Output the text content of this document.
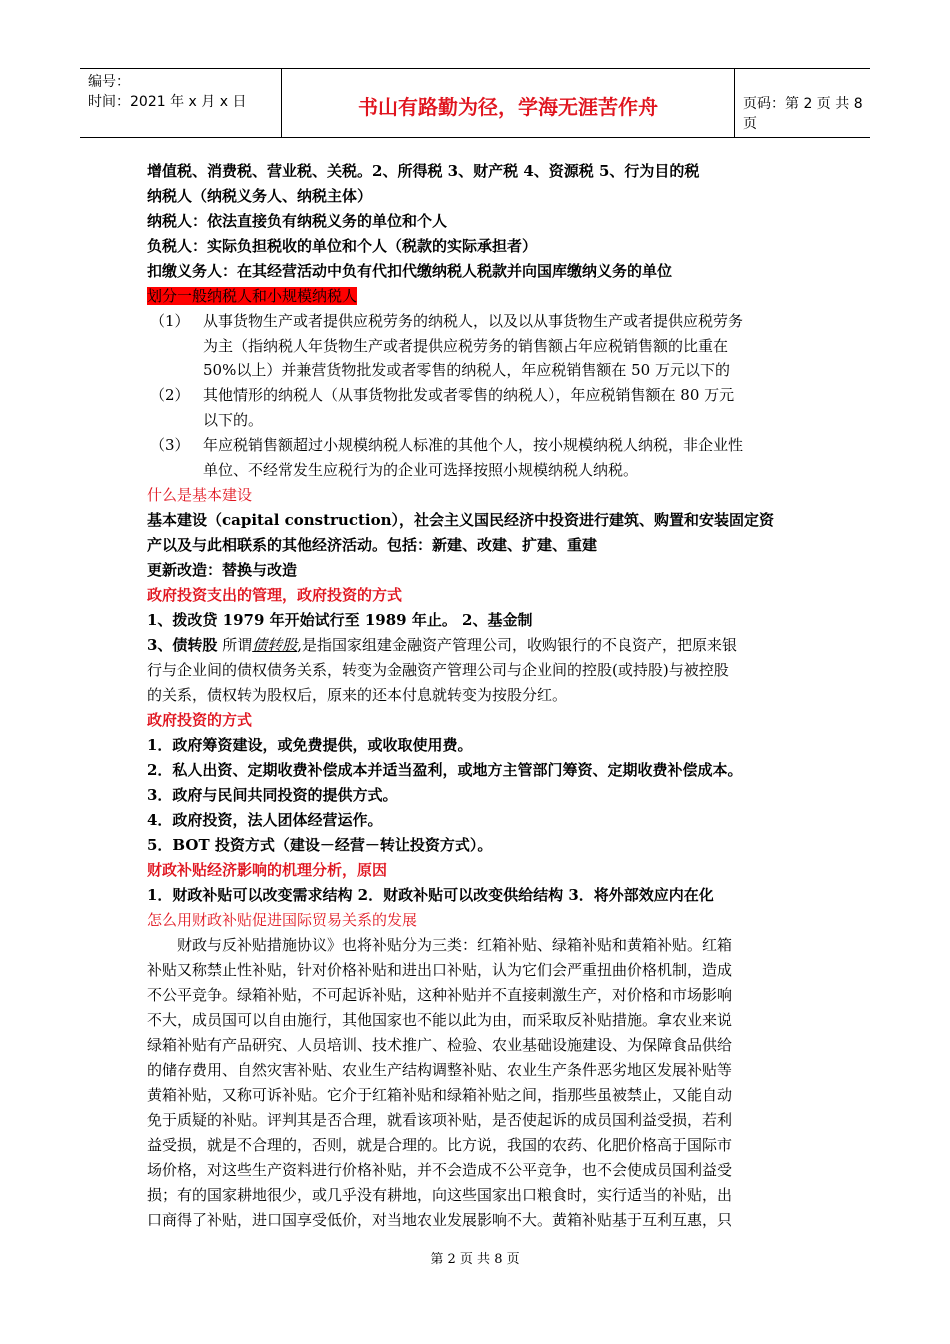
编号：
时间：2021 年 x 月 x 日	书山有路勤为径，学海无涯苦作舟	页码：第 2 页 共 8 页
增值税、消费税、营业税、关税。2、所得税 3、财产税 4、资源税 5、行为目的税
纳税人（纳税义务人、纳税主体）
纳税人：依法直接负有纳税义务的单位和个人
负税人：实际负担税收的单位和个人（税款的实际承担者）
扣缴义务人：在其经营活动中负有代扣代缴纳税人税款并向国库缴纳义务的单位
划分一般纳税人和小规模纳税人
（1） 从事货物生产或者提供应税劳务的纳税人，以及以从事货物生产或者提供应税劳务
为主（指纳税人年货物生产或者提供应税劳务的销售额占年应税销售额的比重在
50%以上）并兼营货物批发或者零售的纳税人，年应税销售额在 50 万元以下的
（2） 其他情形的纳税人（从事货物批发或者零售的纳税人），年应税销售额在 80 万元
以下的。
（3） 年应税销售额超过小规模纳税人标准的其他个人，按小规模纳税人纳税，非企业性
单位、不经常发生应税行为的企业可选择按照小规模纳税人纳税。
什么是基本建设
基本建设（capital construction），社会主义国民经济中投资进行建筑、购置和安装固定资
产以及与此相联系的其他经济活动。包括：新建、改建、扩建、重建
更新改造：替换与改造
政府投资支出的管理，政府投资的方式
1、拨改贷 1979 年开始试行至 1989 年止。 2、基金制
3、债转股 所谓债转股,是指国家组建金融资产管理公司，收购银行的不良资产，把原来银
行与企业间的债权债务关系，转变为金融资产管理公司与企业间的控股(或持股)与被控股
的关系，债权转为股权后，原来的还本付息就转变为按股分红。
政府投资的方式
1．政府筹资建设，或免费提供，或收取使用费。
2．私人出资、定期收费补偿成本并适当盈利，或地方主管部门筹资、定期收费补偿成本。
3．政府与民间共同投资的提供方式。
4．政府投资，法人团体经营运作。
5．BOT 投资方式（建设－经营－转让投资方式）。
财政补贴经济影响的机理分析，原因
1．财政补贴可以改变需求结构 2．财政补贴可以改变供给结构 3．将外部效应内在化
怎么用财政补贴促进国际贸易关系的发展
财政与反补贴措施协议》也将补贴分为三类：红箱补贴、绿箱补贴和黄箱补贴。红箱
补贴又称禁止性补贴，针对价格补贴和进出口补贴，认为它们会严重扭曲价格机制，造成
不公平竞争。绿箱补贴，不可起诉补贴，这种补贴并不直接刺激生产，对价格和市场影响
不大，成员国可以自由施行，其他国家也不能以此为由，而采取反补贴措施。拿农业来说
绿箱补贴有产品研究、人员培训、技术推广、检验、农业基础设施建设、为保障食品供给
的储存费用、自然灾害补贴、农业生产结构调整补贴、农业生产条件恶劣地区发展补贴等
黄箱补贴，又称可诉补贴。它介于红箱补贴和绿箱补贴之间，指那些虽被禁止，又能自动
免于质疑的补贴。评判其是否合理，就看该项补贴，是否使起诉的成员国利益受损，若利
益受损，就是不合理的，否则，就是合理的。比方说，我国的农药、化肥价格高于国际市
场价格，对这些生产资料进行价格补贴，并不会造成不公平竞争，也不会使成员国利益受
损；有的国家耕地很少，或几乎没有耕地，向这些国家出口粮食时，实行适当的补贴，出
口商得了补贴，进口国享受低价，对当地农业发展影响不大。黄箱补贴基于互利互惠，只
第 2 页 共 8 页
